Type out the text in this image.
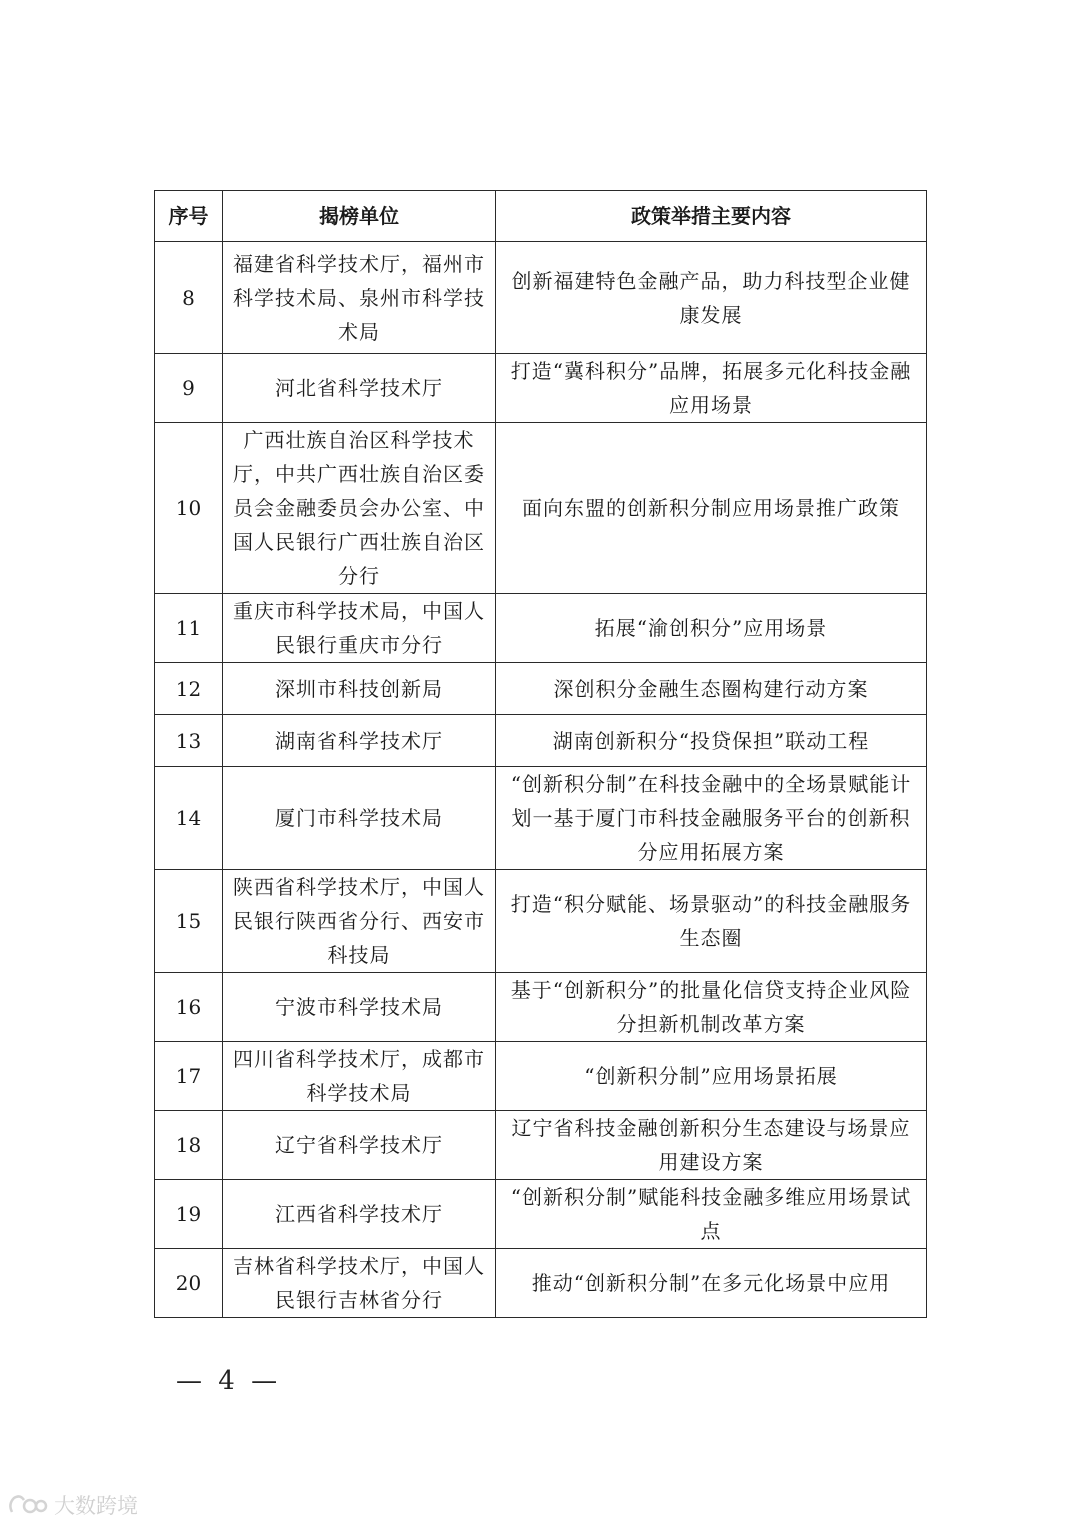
序号	揭榜单位	政策举措主要内容
8	福建省科学技术厅，福州市科学技术局、泉州市科学技术局	创新福建特色金融产品，助力科技型企业健康发展
9	河北省科学技术厅	打造“冀科积分”品牌，拓展多元化科技金融应用场景
10	广西壮族自治区科学技术厅，中共广西壮族自治区委员会金融委员会办公室、中国人民银行广西壮族自治区分行	面向东盟的创新积分制应用场景推广政策
11	重庆市科学技术局，中国人民银行重庆市分行	拓展“渝创积分”应用场景
12	深圳市科技创新局	深创积分金融生态圈构建行动方案
13	湖南省科学技术厅	湖南创新积分“投贷保担”联动工程
14	厦门市科学技术局	“创新积分制”在科技金融中的全场景赋能计划一基于厦门市科技金融服务平台的创新积分应用拓展方案
15	陕西省科学技术厅，中国人民银行陕西省分行、西安市科技局	打造“积分赋能、场景驱动”的科技金融服务生态圈
16	宁波市科学技术局	基于“创新积分”的批量化信贷支持企业风险分担新机制改革方案
17	四川省科学技术厅，成都市科学技术局	“创新积分制”应用场景拓展
18	辽宁省科学技术厅	辽宁省科技金融创新积分生态建设与场景应用建设方案
19	江西省科学技术厅	“创新积分制”赋能科技金融多维应用场景试点
20	吉林省科学技术厅，中国人民银行吉林省分行	推动“创新积分制”在多元化场景中应用
— 4 —
大数跨境
